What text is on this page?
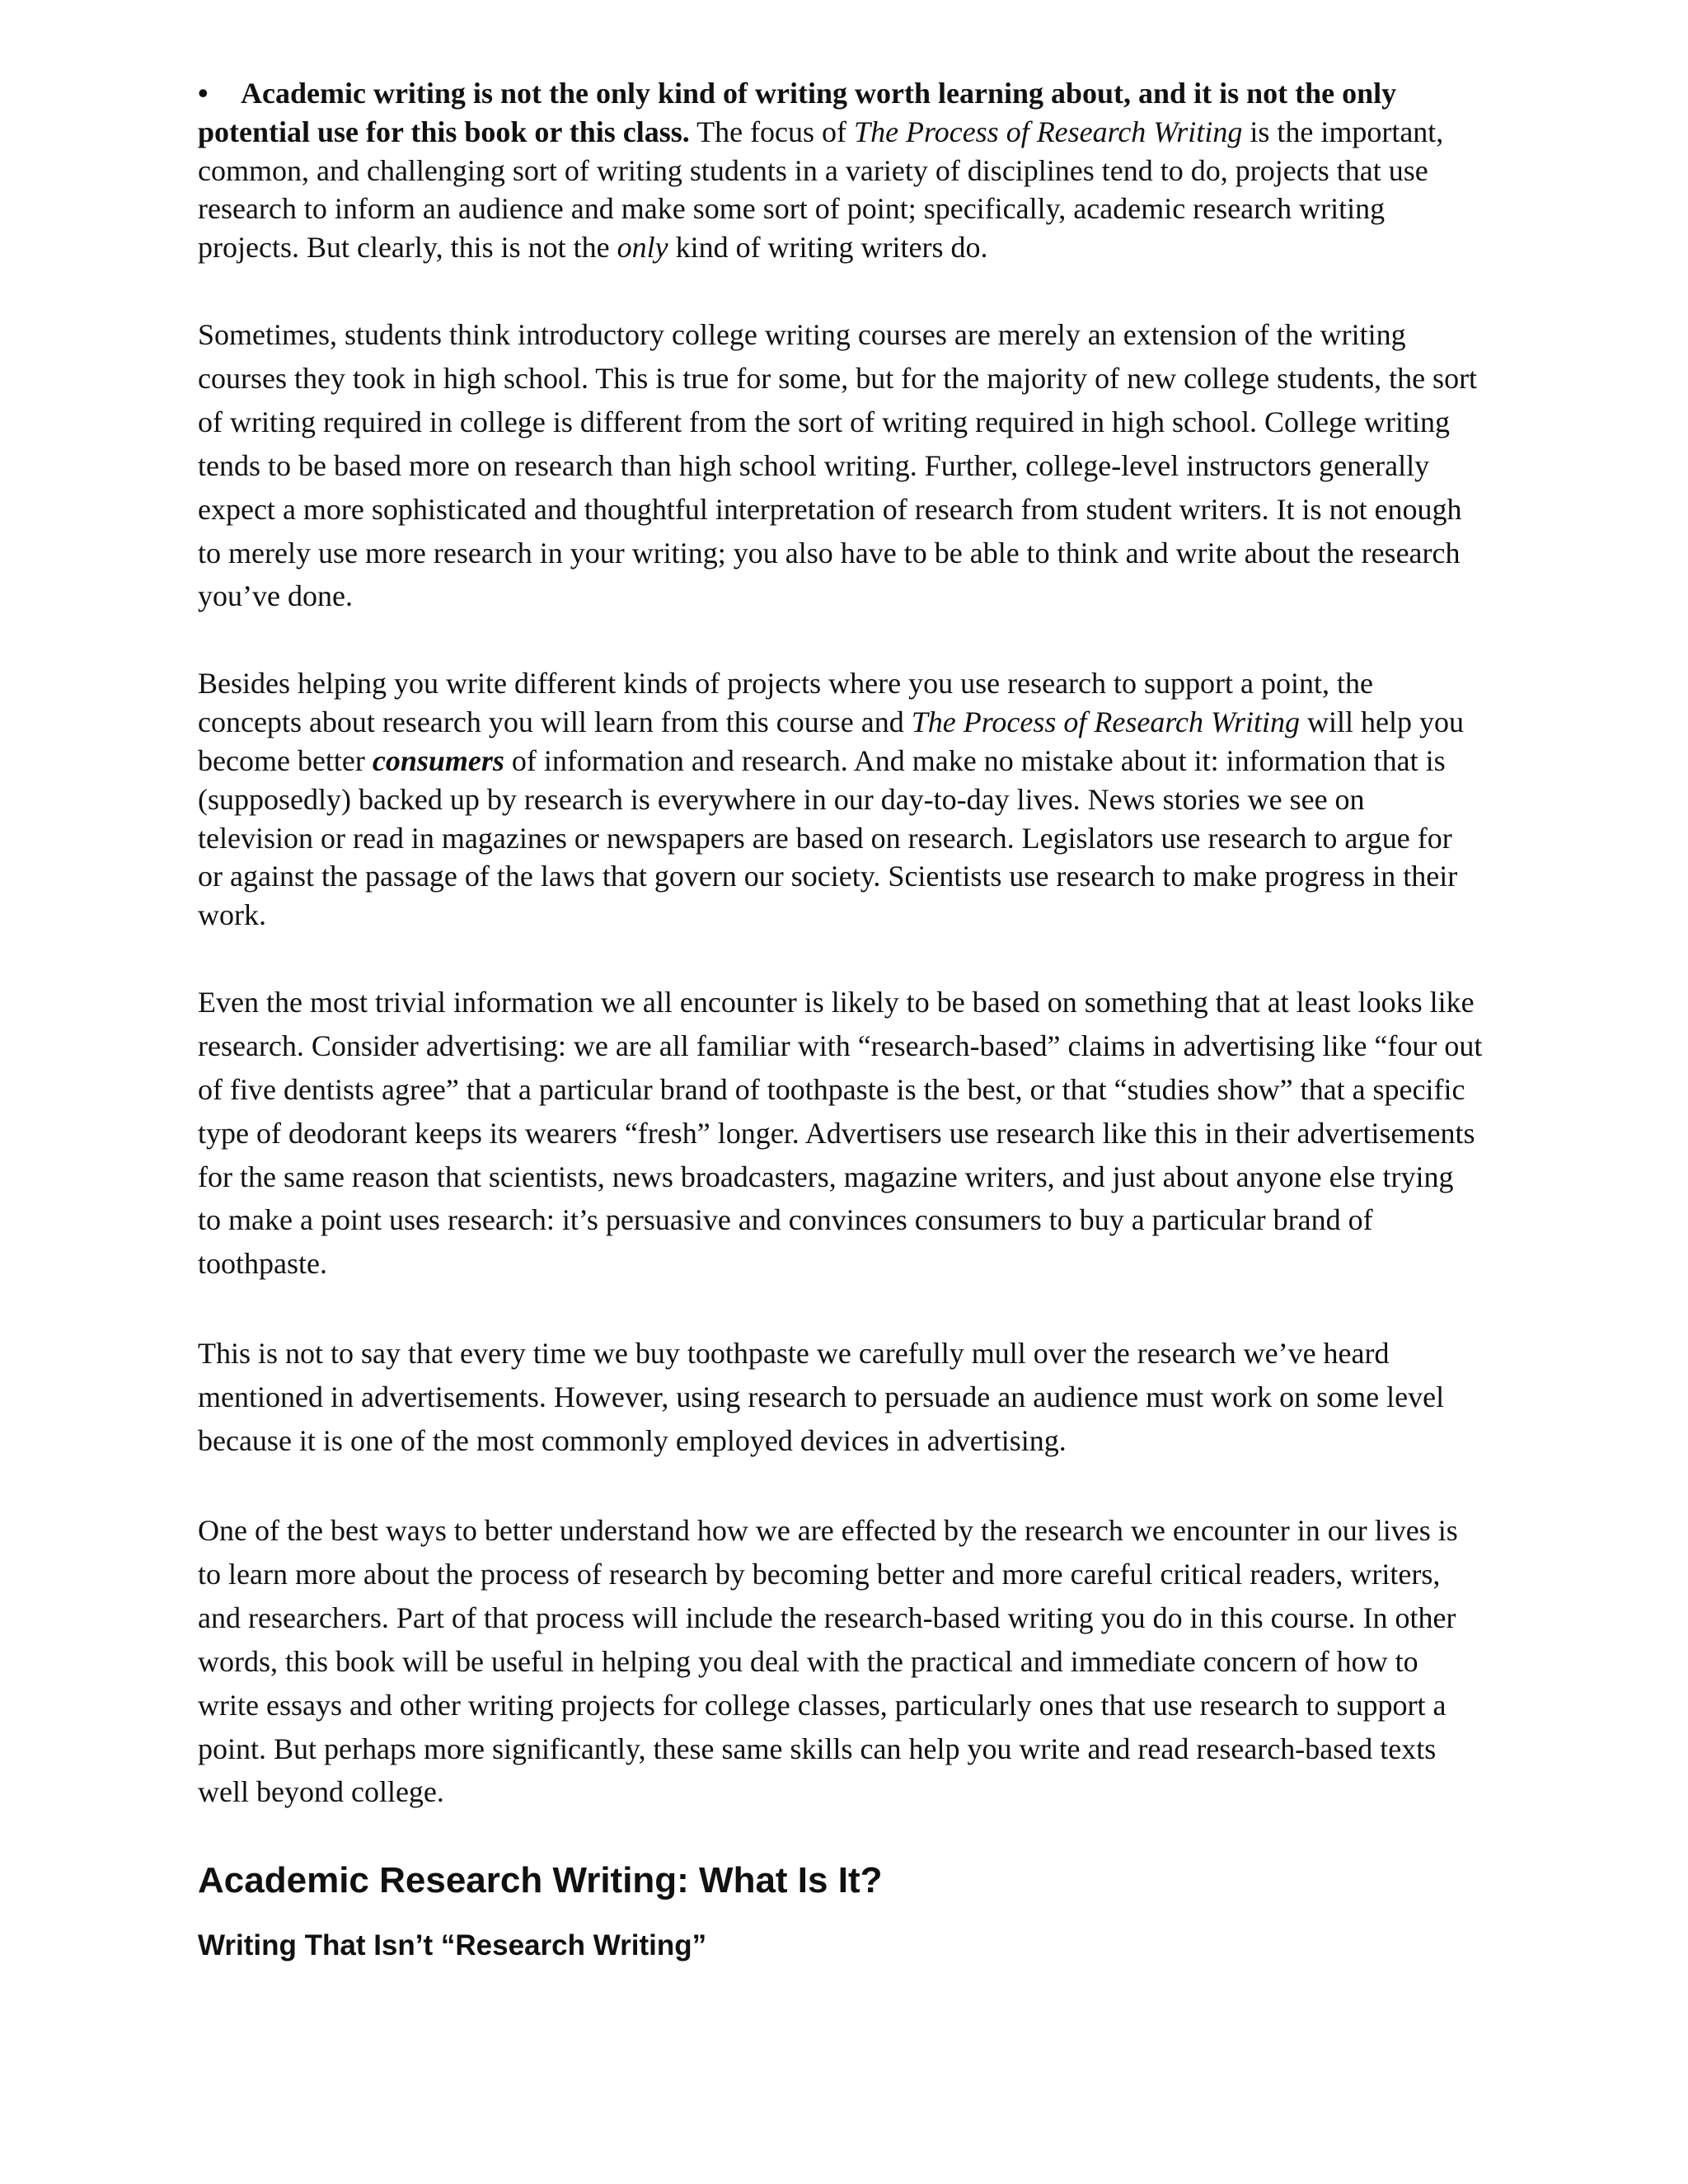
• Academic writing is not the only kind of writing worth learning about, and it is not the only potential use for this book or this class. The focus of The Process of Research Writing is the important, common, and challenging sort of writing students in a variety of disciplines tend to do, projects that use research to inform an audience and make some sort of point; specifically, academic research writing projects. But clearly, this is not the only kind of writing writers do.

Sometimes, students think introductory college writing courses are merely an extension of the writing courses they took in high school. This is true for some, but for the majority of new college students, the sort of writing required in college is different from the sort of writing required in high school. College writing tends to be based more on research than high school writing. Further, college-level instructors generally expect a more sophisticated and thoughtful interpretation of research from student writers. It is not enough to merely use more research in your writing; you also have to be able to think and write about the research you’ve done.

Besides helping you write different kinds of projects where you use research to support a point, the concepts about research you will learn from this course and The Process of Research Writing will help you become better consumers of information and research. And make no mistake about it: information that is (supposedly) backed up by research is everywhere in our day-to-day lives. News stories we see on television or read in magazines or newspapers are based on research. Legislators use research to argue for or against the passage of the laws that govern our society. Scientists use research to make progress in their work.

Even the most trivial information we all encounter is likely to be based on something that at least looks like research. Consider advertising: we are all familiar with “research-based” claims in advertising like “four out of five dentists agree” that a particular brand of toothpaste is the best, or that “studies show” that a specific type of deodorant keeps its wearers “fresh” longer. Advertisers use research like this in their advertisements for the same reason that scientists, news broadcasters, magazine writers, and just about anyone else trying to make a point uses research: it’s persuasive and convinces consumers to buy a particular brand of toothpaste.

This is not to say that every time we buy toothpaste we carefully mull over the research we’ve heard mentioned in advertisements. However, using research to persuade an audience must work on some level because it is one of the most commonly employed devices in advertising.

One of the best ways to better understand how we are effected by the research we encounter in our lives is to learn more about the process of research by becoming better and more careful critical readers, writers, and researchers. Part of that process will include the research-based writing you do in this course. In other words, this book will be useful in helping you deal with the practical and immediate concern of how to write essays and other writing projects for college classes, particularly ones that use research to support a point. But perhaps more significantly, these same skills can help you write and read research-based texts well beyond college.

Academic Research Writing: What Is It?
Writing That Isn’t “Research Writing”
